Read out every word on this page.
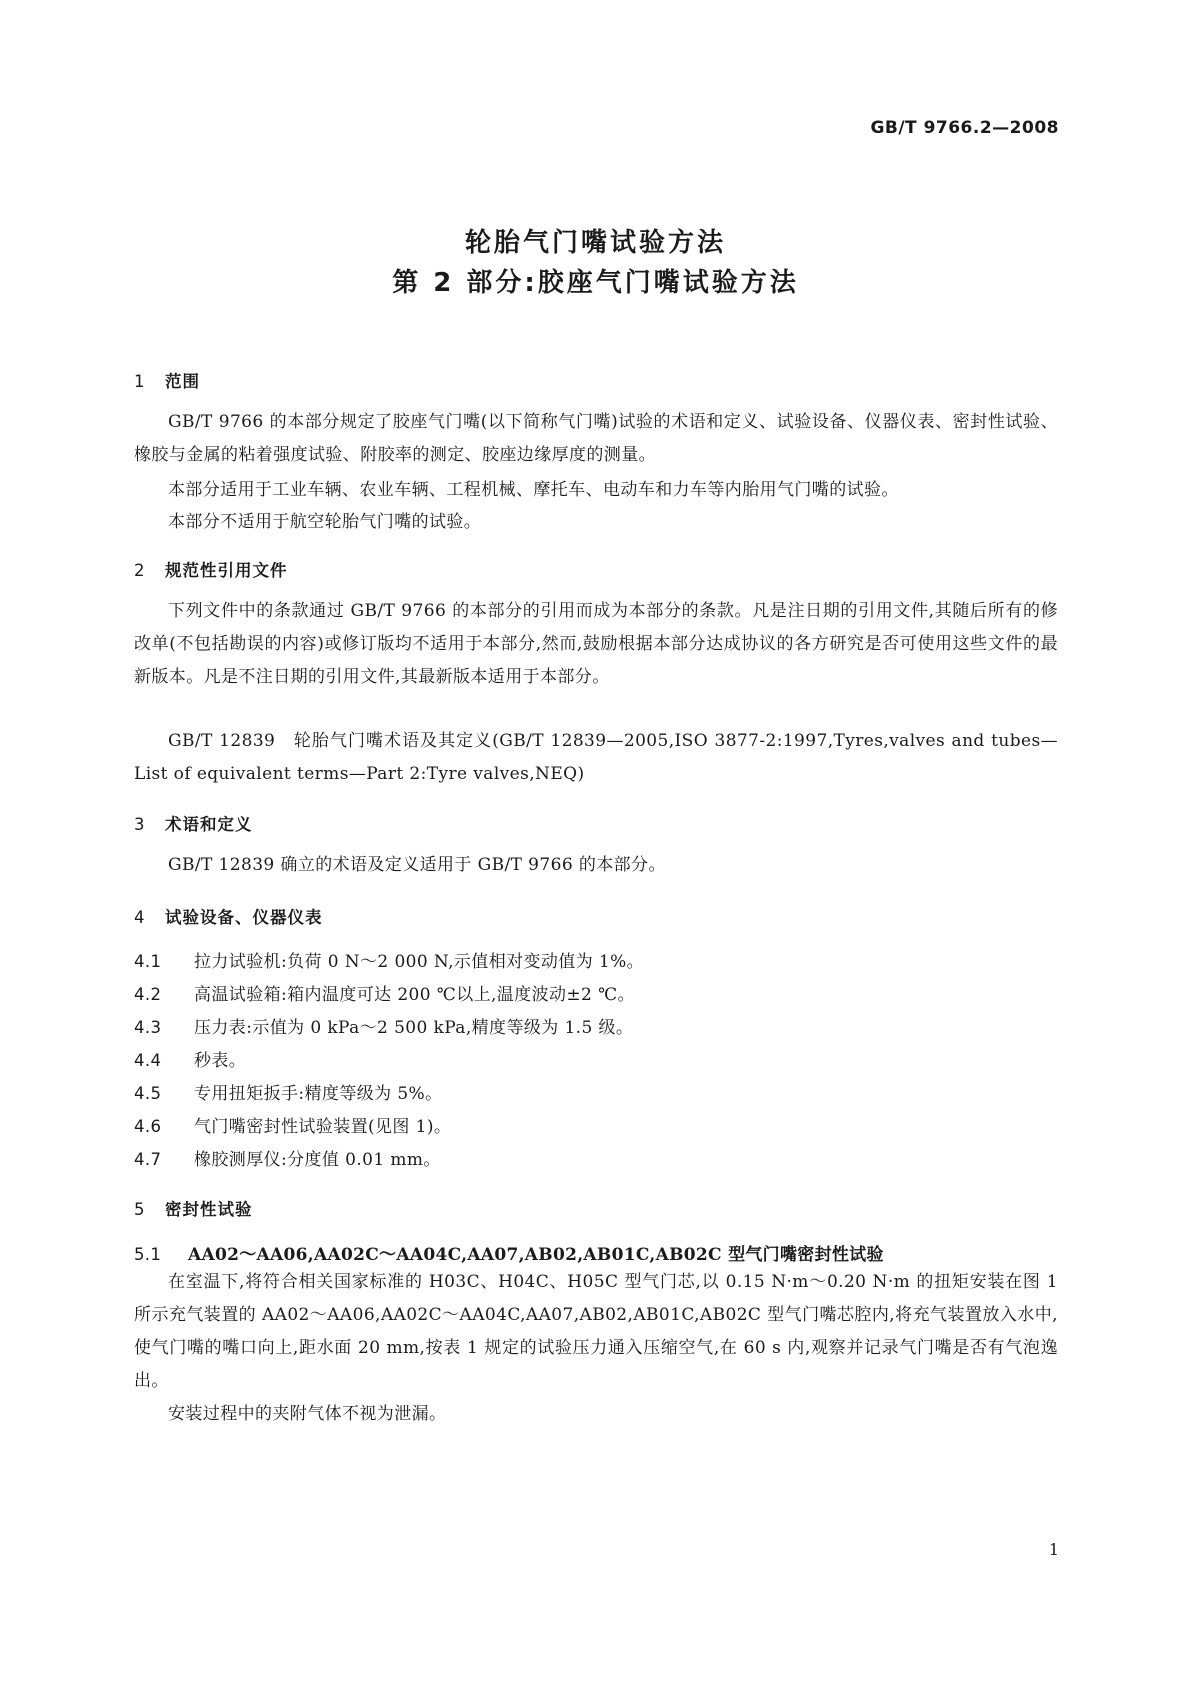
GB/T 9766.2—2008
轮胎气门嘴试验方法
第 2 部分:胶座气门嘴试验方法
1 范围

GB/T 9766 的本部分规定了胶座气门嘴(以下简称气门嘴)试验的术语和定义、试验设备、仪器仪表、密封性试验、橡胶与金属的粘着强度试验、附胶率的测定、胶座边缘厚度的测量。

本部分适用于工业车辆、农业车辆、工程机械、摩托车、电动车和力车等内胎用气门嘴的试验。

本部分不适用于航空轮胎气门嘴的试验。

2 规范性引用文件

下列文件中的条款通过 GB/T 9766 的本部分的引用而成为本部分的条款。凡是注日期的引用文件,其随后所有的修改单(不包括勘误的内容)或修订版均不适用于本部分,然而,鼓励根据本部分达成协议的各方研究是否可使用这些文件的最新版本。凡是不注日期的引用文件,其最新版本适用于本部分。

GB/T 12839　轮胎气门嘴术语及其定义(GB/T 12839—2005,ISO 3877-2:1997,Tyres,valves and tubes—List of equivalent terms—Part 2:Tyre valves,NEQ)

3 术语和定义

GB/T 12839 确立的术语及定义适用于 GB/T 9766 的本部分。

4 试验设备、仪器仪表
4.1 拉力试验机:负荷 0 N～2 000 N,示值相对变动值为 1%。
4.2 高温试验箱:箱内温度可达 200 ℃以上,温度波动±2 ℃。
4.3 压力表:示值为 0 kPa～2 500 kPa,精度等级为 1.5 级。
4.4 秒表。
4.5 专用扭矩扳手:精度等级为 5%。
4.6 气门嘴密封性试验装置(见图 1)。
4.7 橡胶测厚仪:分度值 0.01 mm。
5 密封性试验
5.1 AA02～AA06,AA02C～AA04C,AA07,AB02,AB01C,AB02C 型气门嘴密封性试验

在室温下,将符合相关国家标准的 H03C、H04C、H05C 型气门芯,以 0.15 N·m～0.20 N·m 的扭矩安装在图 1 所示充气装置的 AA02～AA06,AA02C～AA04C,AA07,AB02,AB01C,AB02C 型气门嘴芯腔内,将充气装置放入水中,使气门嘴的嘴口向上,距水面 20 mm,按表 1 规定的试验压力通入压缩空气,在 60 s 内,观察并记录气门嘴是否有气泡逸出。

安装过程中的夹附气体不视为泄漏。

1
